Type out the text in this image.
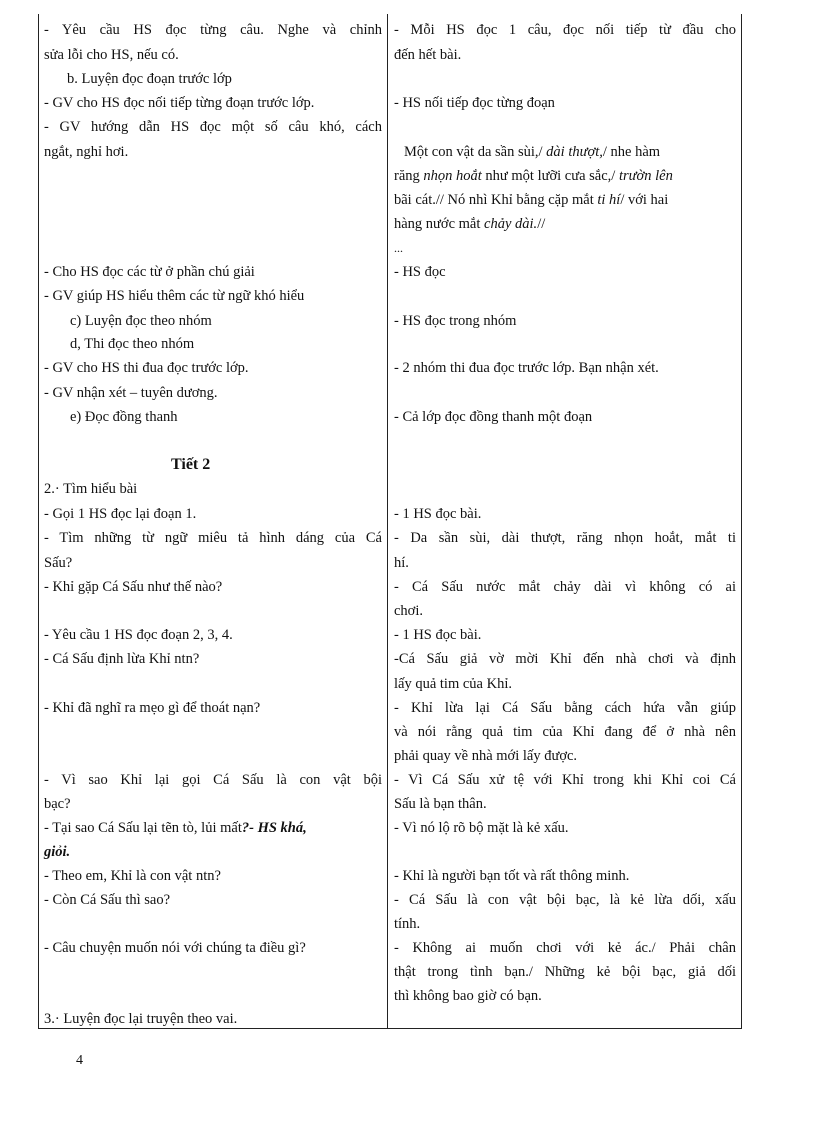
- Yêu cầu HS đọc từng câu. Nghe và chỉnh
sửa lỗi cho HS, nếu có.
b. Luyện đọc đoạn trước lớp
- GV cho HS đọc nối tiếp từng đoạn trước lớp.
- GV hướng dẫn HS đọc một số câu khó, cách
ngắt, nghỉ hơi.
- Cho HS đọc các từ ở phần chú giải
- GV giúp HS hiểu thêm các từ ngữ khó hiểu
c) Luyện đọc theo nhóm
d, Thi đọc theo nhóm
- GV cho HS thi đua đọc trước lớp.
- GV nhận xét – tuyên dương.
e) Đọc đồng thanh
Tiết 2
2.· Tìm hiểu bài
- Gọi 1 HS đọc lại đoạn 1.
- Tìm những từ ngữ miêu tả hình dáng của Cá
Sấu?
- Khỉ gặp Cá Sấu như thế nào?
- Yêu cầu 1 HS đọc đoạn 2, 3, 4.
- Cá Sấu định lừa Khỉ ntn?
- Khỉ đã nghĩ ra mẹo gì để thoát nạn?
- Vì sao Khỉ lại gọi Cá Sấu là con vật bội
bạc?
- Tại sao Cá Sấu lại tẽn tò, lủi mất?- HS khá,
giỏi.
- Theo em, Khỉ là con vật ntn?
- Còn Cá Sấu thì sao?
- Câu chuyện muốn nói với chúng ta điều gì?
3.· Luyện đọc lại truyện theo vai.
- Mỗi HS đọc 1 câu, đọc nối tiếp từ đầu cho
đến hết bài.
- HS nối tiếp đọc từng đoạn
Một con vật da sần sùi,/ dài thượt,/ nhe hàm
răng nhọn hoắt như một lưỡi cưa sắc,/ trườn lên
bãi cát.// Nó nhì Khỉ bằng cặp mắt ti hí/ với hai
hàng nước mắt chảy dài.//
...
- HS đọc
- HS đọc trong nhóm
- 2 nhóm thi đua đọc trước lớp. Bạn nhận xét.
- Cả lớp đọc đồng thanh một đoạn
- 1 HS đọc bài.
- Da sần sùi, dài thượt, răng nhọn hoắt, mắt ti
hí.
- Cá Sấu nước mắt chảy dài vì không có ai
chơi.
- 1 HS đọc bài.
-Cá Sấu giả vờ mời Khỉ đến nhà chơi và định
lấy quả tim của Khỉ.
- Khỉ lừa lại Cá Sấu bằng cách hứa vẫn giúp
và nói rằng quả tim của Khỉ đang để ở nhà nên
phải quay về nhà mới lấy được.
- Vì Cá Sấu xử tệ với Khỉ trong khi Khỉ coi Cá
Sấu là bạn thân.
- Vì nó lộ rõ bộ mặt là kẻ xấu.
- Khỉ là người bạn tốt và rất thông minh.
- Cá Sấu là con vật bội bạc, là kẻ lừa dối, xấu
tính.
- Không ai muốn chơi với kẻ ác./ Phải chân
thật trong tình bạn./ Những kẻ bội bạc, giả dối
thì không bao giờ có bạn.
4
